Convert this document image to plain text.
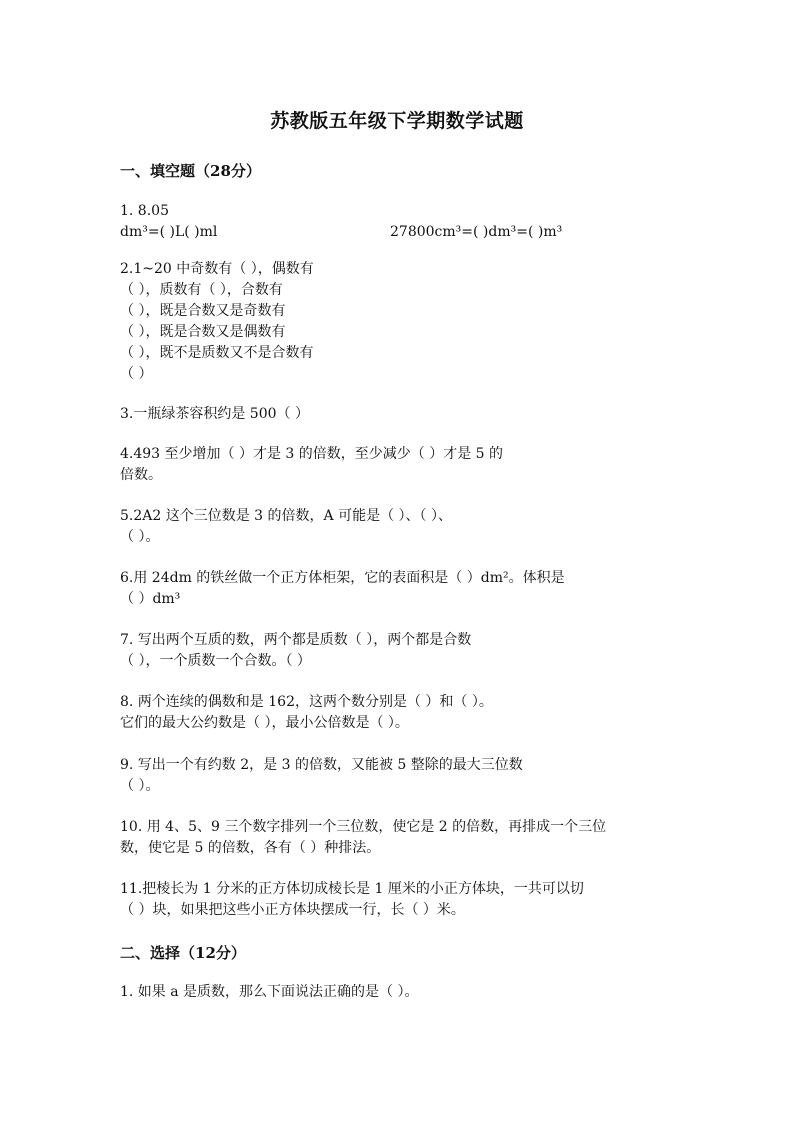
苏教版五年级下学期数学试题
一、填空题（28分）
1. 8.05
dm³=( )L( )ml	27800cm³=( )dm³=( )m³
2.1~20 中奇数有（ ），偶数有
（ ），质数有（ ），合数有
（ ），既是合数又是奇数有
（ ），既是合数又是偶数有
（ ），既不是质数又不是合数有
（ ）
3.一瓶绿茶容积约是 500（ ）
4.493 至少增加（ ）才是 3 的倍数，至少减少（ ）才是 5 的
倍数。
5.2A2 这个三位数是 3 的倍数，A 可能是（ ）、（ ）、
（ ）。
6.用 24dm 的铁丝做一个正方体柜架，它的表面积是（ ）dm²。体积是
（ ）dm³
7. 写出两个互质的数，两个都是质数（ ），两个都是合数
（ ），一个质数一个合数。（ ）
8. 两个连续的偶数和是 162，这两个数分别是（ ）和（ ）。
它们的最大公约数是（ ），最小公倍数是（ ）。
9. 写出一个有约数 2，是 3 的倍数，又能被 5 整除的最大三位数
（ ）。
10. 用 4、5、9 三个数字排列一个三位数，使它是 2 的倍数，再排成一个三位
数，使它是 5 的倍数，各有（ ）种排法。
11.把棱长为 1 分米的正方体切成棱长是 1 厘米的小正方体块，一共可以切
（ ）块，如果把这些小正方体块摆成一行，长（ ）米。
二、选择（12分）
1. 如果 a 是质数，那么下面说法正确的是（ ）。
